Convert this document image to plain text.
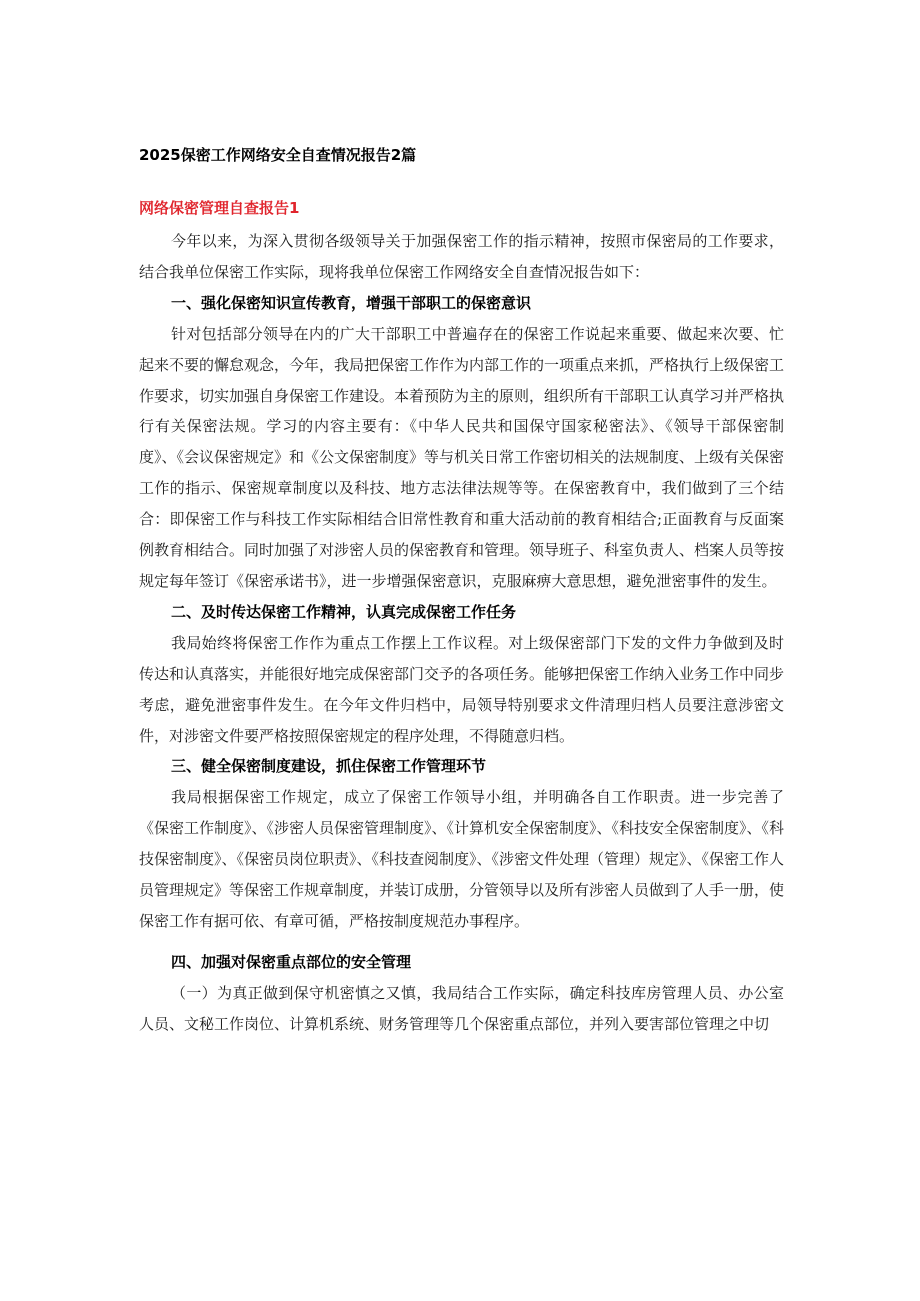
2025保密工作网络安全自查情况报告2篇
网络保密管理自查报告1

今年以来，为深入贯彻各级领导关于加强保密工作的指示精神，按照市保密局的工作要求，结合我单位保密工作实际，现将我单位保密工作网络安全自查情况报告如下：

一、强化保密知识宣传教育，增强干部职工的保密意识

针对包括部分领导在内的广大干部职工中普遍存在的保密工作说起来重要、做起来次要、忙起来不要的懈怠观念，今年，我局把保密工作作为内部工作的一项重点来抓，严格执行上级保密工作要求，切实加强自身保密工作建设。本着预防为主的原则，组织所有干部职工认真学习并严格执行有关保密法规。学习的内容主要有：《中华人民共和国保守国家秘密法》、《领导干部保密制度》、《会议保密规定》和《公文保密制度》等与机关日常工作密切相关的法规制度、上级有关保密工作的指示、保密规章制度以及科技、地方志法律法规等等。在保密教育中，我们做到了三个结合：即保密工作与科技工作实际相结合旧常性教育和重大活动前的教育相结合;正面教育与反面案例教育相结合。同时加强了对涉密人员的保密教育和管理。领导班子、科室负责人、档案人员等按规定每年签订《保密承诺书》，进一步增强保密意识，克服麻痹大意思想，避免泄密事件的发生。

二、及时传达保密工作精神，认真完成保密工作任务

我局始终将保密工作作为重点工作摆上工作议程。对上级保密部门下发的文件力争做到及时传达和认真落实，并能很好地完成保密部门交予的各项任务。能够把保密工作纳入业务工作中同步考虑，避免泄密事件发生。在今年文件归档中，局领导特别要求文件清理归档人员要注意涉密文件，对涉密文件要严格按照保密规定的程序处理，不得随意归档。

三、健全保密制度建设，抓住保密工作管理环节

我局根据保密工作规定，成立了保密工作领导小组，并明确各自工作职责。进一步完善了《保密工作制度》、《涉密人员保密管理制度》、《计算机安全保密制度》、《科技安全保密制度》、《科技保密制度》、《保密员岗位职责》、《科技查阅制度》、《涉密文件处理（管理）规定》、《保密工作人员管理规定》等保密工作规章制度，并装订成册，分管领导以及所有涉密人员做到了人手一册，使保密工作有据可依、有章可循，严格按制度规范办事程序。

四、加强对保密重点部位的安全管理

（一）为真正做到保守机密慎之又慎，我局结合工作实际，确定科技库房管理人员、办公室人员、文秘工作岗位、计算机系统、财务管理等几个保密重点部位，并列入要害部位管理之中切
